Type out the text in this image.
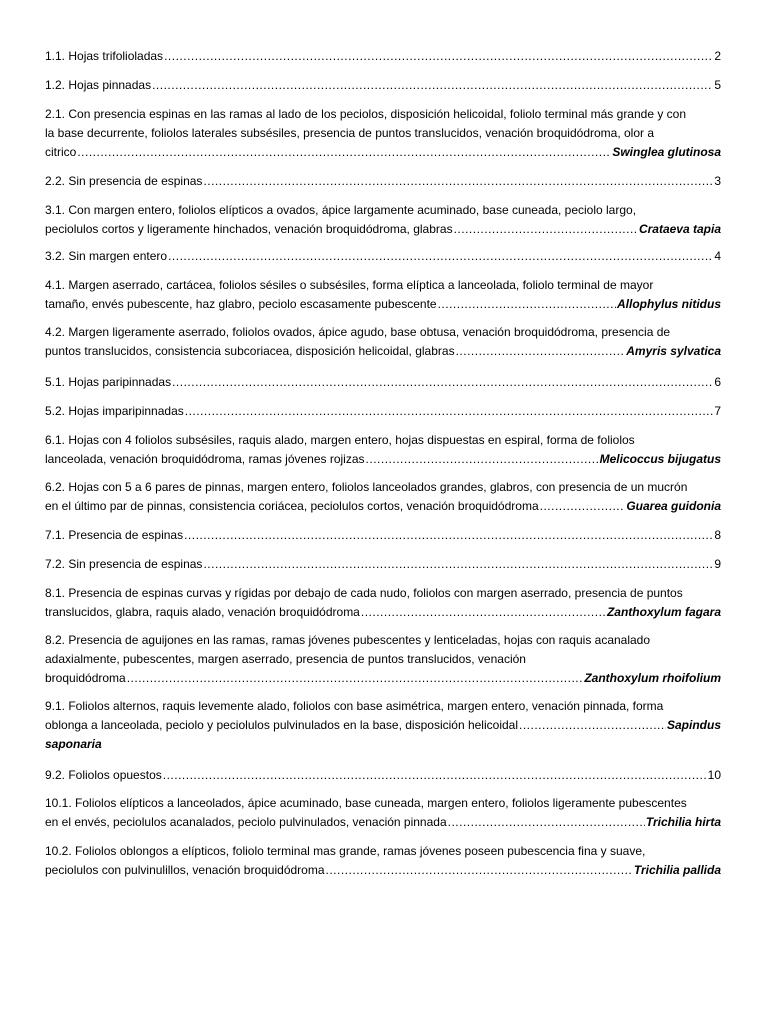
1.1. Hojas trifolioladas .....	2

1.2. Hojas pinnadas .....	5

2.1. Con presencia espinas en las ramas al lado de los peciolos, disposición helicoidal, foliolo terminal más grande y con

la base decurrente, foliolos laterales subsésiles, presencia de puntos translucidos, venación broquidódroma, olor a

citrico .....	Swinglea glutinosa

2.2. Sin presencia de espinas .....	3

3.1. Con margen entero, foliolos elípticos a ovados, ápice largamente acuminado, base cuneada, peciolo largo,

peciolulos cortos y ligeramente hinchados, venación broquidódroma, glabras .....	Crataeva tapia

3.2. Sin margen entero .....	4

4.1. Margen aserrado, cartácea, foliolos sésiles o subsésiles, forma elíptica a lanceolada, foliolo terminal de mayor

tamaño, envés pubescente, haz glabro, peciolo escasamente pubescente .....	Allophylus nitidus

4.2. Margen ligeramente aserrado, foliolos ovados, ápice agudo, base obtusa, venación broquidódroma, presencia de

puntos translucidos, consistencia subcoriacea, disposición helicoidal, glabras .....	Amyris sylvatica

5.1. Hojas paripinnadas .....	6

5.2. Hojas imparipinnadas .....	7

6.1. Hojas con 4 foliolos subsésiles, raquis alado, margen entero, hojas dispuestas en espiral, forma de foliolos

lanceolada, venación broquidódroma, ramas jóvenes rojizas .....	Melicoccus bijugatus

6.2. Hojas con 5 a 6 pares de pinnas, margen entero, foliolos lanceolados grandes, glabros, con presencia de un mucrón

en el último par de pinnas, consistencia coriácea, peciolulos cortos, venación broquidódroma .....	Guarea guidonia

7.1. Presencia de espinas .....	8

7.2. Sin presencia de espinas .....	9

8.1. Presencia de espinas curvas y rígidas por debajo de cada nudo, foliolos con margen aserrado, presencia de puntos

translucidos, glabra, raquis alado, venación broquidódroma .....	Zanthoxylum fagara

8.2. Presencia de aguijones en las ramas, ramas jóvenes pubescentes y lenticeladas, hojas con raquis acanalado

adaxialmente, pubescentes, margen aserrado, presencia de puntos translucidos, venación

broquidódroma .....	Zanthoxylum rhoifolium

9.1. Foliolos alternos, raquis levemente alado, foliolos con base asimétrica, margen entero, venación pinnada, forma

oblonga a lanceolada, peciolo y peciolulos pulvinulados en la base, disposición helicoidal .....	Sapindus

saponaria

9.2. Foliolos opuestos .....	10

10.1. Foliolos elípticos a lanceolados, ápice acuminado, base cuneada, margen entero, foliolos ligeramente pubescentes

en el envés, peciolulos acanalados, peciolo pulvinulados, venación pinnada .....	Trichilia hirta

10.2. Foliolos oblongos a elípticos, foliolo terminal mas grande, ramas jóvenes poseen pubescencia fina y suave,

peciolulos con pulvinulillos, venación broquidódroma .....	Trichilia pallida
